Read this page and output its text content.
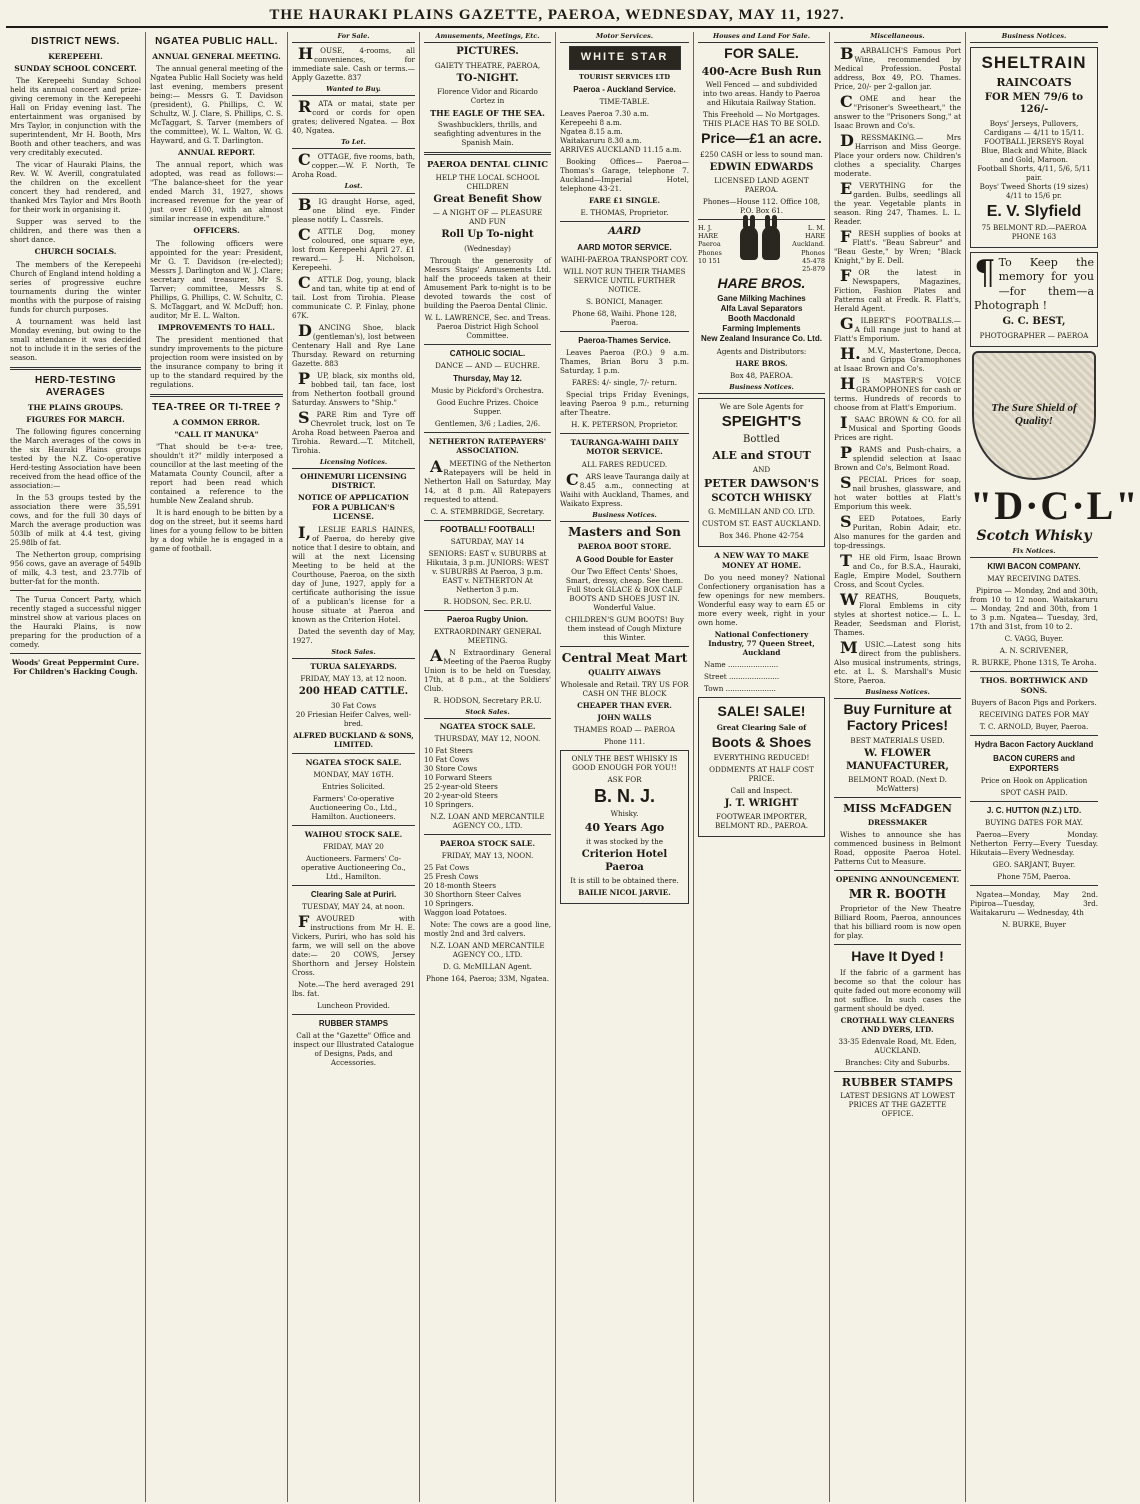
THE HAURAKI PLAINS GAZETTE, PAEROA, WEDNESDAY, MAY 11, 1927.
DISTRICT NEWS.
KEREPEEHI.
SUNDAY SCHOOL CONCERT.

The Kerepeehi Sunday School held its annual concert and prize-giving ceremony in the Kerepeehi Hall on Friday evening last. The entertainment was organised by Mrs Taylor, in conjunction with the superintendent, Mr H. Booth, Mrs Booth and other teachers, and was very creditably executed.

The vicar of Hauraki Plains, the Rev. W. W. Averill, congratulated the children on the excellent concert they had rendered, and thanked Mrs Taylor and Mrs Booth for their work in organising it.

Supper was served to the children, and there was then a short dance.

CHURCH SOCIALS.

The members of the Kerepeehi Church of England intend holding a series of progressive euchre tournaments during the winter months with the purpose of raising funds for church purposes.

A tournament was held last Monday evening, but owing to the small attendance it was decided not to include it in the series of the season.

HERD-TESTING AVERAGES
THE PLAINS GROUPS.
FIGURES FOR MARCH.

The following figures concerning the March averages of the cows in the six Hauraki Plains groups tested by the N.Z. Co-operative Herd-testing Association have been received from the head office of the association:—

In the 53 groups tested by the association there were 35,591 cows, and for the full 30 days of March the average production was 503lb of milk at 4.4 test, giving 25.98lb of fat.

The Netherton group, comprising 956 cows, gave an average of 549lb of milk, 4.3 test, and 23.77lb of butter-fat for the month.

The Turua Concert Party, which recently staged a successful nigger minstrel show at various places on the Hauraki Plains, is now preparing for the production of a comedy.

Woods' Great Peppermint Cure. For Children's Hacking Cough.

NGATEA PUBLIC HALL.
ANNUAL GENERAL MEETING.

The annual general meeting of the Ngatea Public Hall Society was held last evening, members present being:— Messrs G. T. Davidson (president), G. Phillips, C. W. Schultz, W. J. Clare, S. Phillips, C. S. McTaggart, S. Tarver (members of the committee), W. L. Walton, W. G. Hayward, and G. T. Darlington.

ANNUAL REPORT.

The annual report, which was adopted, was read as follows:— "The balance-sheet for the year ended March 31, 1927, shows increased revenue for the year of just over £100, with an almost similar increase in expenditure."

OFFICERS.

The following officers were appointed for the year: President, Mr G. T. Davidson (re-elected); Messrs J. Darlington and W. J. Clare; secretary and treasurer, Mr S. Tarver; committee, Messrs S. Phillips, G. Phillips, C. W. Schultz, C. S. McTaggart, and W. McDuff; hon. auditor, Mr E. L. Walton.

IMPROVEMENTS TO HALL.

The president mentioned that sundry improvements to the picture projection room were insisted on by the insurance company to bring it up to the standard required by the regulations.

TEA-TREE OR TI-TREE ?
A COMMON ERROR.
"CALL IT MANUKA"

"That should be t-e-a- tree, shouldn't it?" mildly interposed a councillor at the last meeting of the Matamata County Council, after a report had been read which contained a reference to the humble New Zealand shrub.

It is hard enough to be bitten by a dog on the street, but it seems hard lines for a young fellow to be bitten by a dog while he is engaged in a game of football.

For Sale.

HOUSE, 4-rooms, all conveniences, for immediate sale. Cash or terms.—Apply Gazette. 837

Wanted to Buy.

RATA or matai, state per cord or cords for open grates; delivered Ngatea. — Box 40, Ngatea.

To Let.

COTTAGE, five rooms, bath, copper.—W. F. North, Te Aroha Road.

Lost.

BIG draught Horse, aged, one blind eye. Finder please notify L. Cassrels.

CATTLE Dog, money coloured, one square eye, lost from Kerepeehi April 27. £1 reward.— J. H. Nicholson, Kerepeehi.

CATTLE Dog, young, black and tan, white tip at end of tail. Lost from Tirohia. Please communicate C. P. Finlay, phone 67K.

DANCING Shoe, black (gentleman's), lost between Centenary Hall and Rye Lane Thursday. Reward on returning Gazette. 883

PUP, black, six months old, bobbed tail, tan face, lost from Netherton football ground Saturday. Answers to "Ship."

SPARE Rim and Tyre off Chevrolet truck, lost on Te Aroha Road between Paeroa and Tirohia. Reward.—T. Mitchell, Tirohia.

Licensing Notices.
OHINEMURI LICENSING DISTRICT.
NOTICE OF APPLICATION FOR A PUBLICAN'S LICENSE.

I,LESLIE EARLS HAINES, of Paeroa, do hereby give notice that I desire to obtain, and will at the next Licensing Meeting to be held at the Courthouse, Paeroa, on the sixth day of June, 1927, apply for a certificate authorising the issue of a publican's license for a house situate at Paeroa and known as the Criterion Hotel.

Dated the seventh day of May, 1927.

Stock Sales.
TURUA SALEYARDS.

FRIDAY, MAY 13, at 12 noon.

200 HEAD CATTLE.

30 Fat Cows
20 Friesian Heifer Calves, well-bred.

ALFRED BUCKLAND & SONS, LIMITED.

NGATEA STOCK SALE.

MONDAY, MAY 16TH.

Entries Solicited.

Farmers' Co-operative Auctioneering Co., Ltd., Hamilton. Auctioneers.

WAIHOU STOCK SALE.

FRIDAY, MAY 20

Auctioneers. Farmers' Co-operative Auctioneering Co., Ltd., Hamilton.

Clearing Sale at Puriri.

TUESDAY, MAY 24, at noon.

FAVOURED with instructions from Mr H. E. Vickers, Puriri, who has sold his farm, we will sell on the above date:— 20 COWS, Jersey Shorthorn and Jersey Holstein Cross.

Note.—The herd averaged 291 lbs. fat.

Luncheon Provided.

RUBBER STAMPS

Call at the "Gazette" Office and inspect our Illustrated Catalogue of Designs, Pads, and Accessories.

Amusements, Meetings, Etc.
PICTURES.

GAIETY THEATRE, PAEROA,

TO-NIGHT.

Florence Vidor and Ricardo Cortez in

THE EAGLE OF THE SEA.

Swashbucklers, thrills, and seafighting adventures in the Spanish Main.

PAEROA DENTAL CLINIC

HELP THE LOCAL SCHOOL CHILDREN

Great Benefit Show

— A NIGHT OF — PLEASURE AND FUN

Roll Up To-night

(Wednesday)

Through the generosity of Messrs Staigs' Amusements Ltd. half the proceeds taken at their Amusement Park to-night is to be devoted towards the cost of building the Paeroa Dental Clinic.

W. L. LAWRENCE, Sec. and Treas. Paeroa District High School Committee.

CATHOLIC SOCIAL.

DANCE — AND — EUCHRE.

Thursday, May 12.

Music by Pickford's Orchestra.

Good Euchre Prizes. Choice Supper.

Gentlemen, 3/6 ; Ladies, 2/6.

NETHERTON RATEPAYERS' ASSOCIATION.

AMEETING of the Netherton Ratepayers will be held in Netherton Hall on Saturday, May 14, at 8 p.m. All Ratepayers requested to attend.

C. A. STEMBRIDGE, Secretary.

FOOTBALL! FOOTBALL!

SATURDAY, MAY 14

SENIORS: EAST v. SUBURBS at Hikutaia, 3 p.m. JUNIORS: WEST v. SUBURBS At Paeroa, 3 p.m. EAST v. NETHERTON At Netherton 3 p.m.

R. HODSON, Sec. P.R.U.

Paeroa Rugby Union.

EXTRAORDINARY GENERAL MEETING.

AN Extraordinary General Meeting of the Paeroa Rugby Union is to be held on Tuesday, 17th, at 8 p.m., at the Soldiers' Club.

R. HODSON, Secretary P.R.U.

Stock Sales.
NGATEA STOCK SALE.

THURSDAY, MAY 12, NOON.

10 Fat Steers
10 Fat Cows
30 Store Cows
10 Forward Steers
25 2-year-old Steers
20 2-year-old Steers
10 Springers.

N.Z. LOAN AND MERCANTILE AGENCY CO., LTD.

PAEROA STOCK SALE.

FRIDAY, MAY 13, NOON.

25 Fat Cows
25 Fresh Cows
20 18-month Steers
30 Shorthorn Steer Calves
10 Springers.
Waggon load Potatoes.

Note: The cows are a good line, mostly 2nd and 3rd calvers.

N.Z. LOAN AND MERCANTILE AGENCY CO., LTD.

D. G. McMILLAN Agent.

Phone 164, Paeroa; 33M, Ngatea.

Motor Services.
WHITE STAR

TOURIST SERVICES LTD

Paeroa - Auckland Service.

TIME-TABLE.

Leaves Paeroa 7.30 a.m.
Kerepeehi 8 a.m.
Ngatea 8.15 a.m.
Waitakaruru 8.30 a.m.
ARRIVES AUCKLAND 11.15 a.m.

Booking Offices— Paeroa—Thomas's Garage, telephone 7. Auckland—Imperial Hotel, telephone 43-21.

FARE £1 SINGLE.

E. THOMAS, Proprietor.

AARD
AARD MOTOR SERVICE.

WAIHI-PAEROA TRANSPORT COY.

WILL NOT RUN THEIR THAMES SERVICE UNTIL FURTHER NOTICE.

S. BONICI, Manager.

Phone 68, Waihi. Phone 128, Paeroa.

Paeroa-Thames Service.

Leaves Paeroa (P.O.) 9 a.m. Thames, Brian Boru 3 p.m. Saturday, 1 p.m.

FARES: 4/- single, 7/- return.

Special trips Friday Evenings, leaving Paeroa 9 p.m., returning after Theatre.

H. K. PETERSON, Proprietor.

TAURANGA-WAIHI DAILY MOTOR SERVICE.

ALL FARES REDUCED.

CARS leave Tauranga daily at 8.45 a.m., connecting at Waihi with Auckland, Thames, and Waikato Express.

Business Notices.
Masters and Son

PAEROA BOOT STORE.

A Good Double for Easter

Our Two Effect Cents' Shoes, Smart, dressy, cheap. See them. Full Stock GLACE & BOX CALF BOOTS AND SHOES JUST IN. Wonderful Value.

CHILDREN'S GUM BOOTS! Buy them instead of Cough Mixture this Winter.

Central Meat Mart

QUALITY ALWAYS

Wholesale and Retail. TRY US FOR CASH ON THE BLOCK

CHEAPER THAN EVER.

JOHN WALLS

THAMES ROAD — PAEROA

Phone 111.

ONLY THE BEST WHISKY IS GOOD ENOUGH FOR YOU!!

ASK FOR

B. N. J.

Whisky.

40 Years Ago

it was stocked by the

Criterion Hotel Paeroa

It is still to be obtained there.

BAILIE NICOL JARVIE.

Houses and Land For Sale.
FOR SALE.
400-Acre Bush Run

Well Fenced — and subdivided into two areas. Handy to Paeroa and Hikutaia Railway Station.

This Freehold — No Mortgages. THIS PLACE HAS TO BE SOLD.

Price—£1 an acre.

£250 CASH or less to sound man.

EDWIN EDWARDS

LICENSED LAND AGENT PAEROA.

Phones—House 112. Office 108, P.O. Box 61.

H. J. HARE Paeroa Phones 10 151
L. M. HARE Auckland. Phones 45-478 25-879
HARE BROS.

Gane Milking Machines
Alfa Laval Separators
Booth Macdonald
Farming Implements
New Zealand Insurance Co. Ltd.

Agents and Distributors:

HARE BROS.

Box 48, PAEROA.

Business Notices.

We are Sole Agents for

SPEIGHT'S

Bottled

ALE and STOUT

AND

PETER DAWSON'S
SCOTCH WHISKY

G. McMILLAN AND CO. LTD.

CUSTOM ST. EAST AUCKLAND.

Box 346. Phone 42-754

A NEW WAY TO MAKE MONEY AT HOME.

Do you need money? National Confectionery organisation has a few openings for new members. Wonderful easy way to earn £5 or more every week, right in your own home.

National Confectionery Industry, 77 Queen Street, Auckland

Name ......................

Street ......................

Town ......................

SALE! SALE!

Great Clearing Sale of

Boots & Shoes

EVERYTHING REDUCED!

ODDMENTS AT HALF COST PRICE.

Call and Inspect.

J. T. WRIGHT

FOOTWEAR IMPORTER, BELMONT RD., PAEROA.

Miscellaneous.

BARBALICH'S Famous Port Wine, recommended by Medical Profession. Postal address, Box 49, P.O. Thames. Price, 20/- per 2-gallon jar.

COME and hear the "Prisoner's Sweetheart," the answer to the "Prisoners Song," at Isaac Brown and Co's.

DRESSMAKING.— Mrs Harrison and Miss George. Place your orders now. Children's clothes a speciality. Charges moderate.

EVERYTHING for the garden. Bulbs, seedlings all the year. Vegetable plants in season. Ring 247, Thames. L. L. Reader.

FRESH supplies of books at Flatt's. "Beau Sabreur" and "Beau Geste," by Wren; "Black Knight," by E. Dell.

FOR the latest in Newspapers, Magazines, Fiction, Fashion Plates and Patterns call at Fredk. R. Flatt's, Herald Agent.

GILBERT'S FOOTBALLS.— A full range just to hand at Flatt's Emporium.

H.M.V., Mastertone, Decca, and Grippa Gramophones at Isaac Brown and Co's.

HIS MASTER'S VOICE GRAMOPHONES for cash or terms. Hundreds of records to choose from at Flatt's Emporium.

ISAAC BROWN & CO. for all Musical and Sporting Goods Prices are right.

PRAMS and Push-chairs, a splendid selection at Isaac Brown and Co's, Belmont Road.

SPECIAL Prices for soap, nail brushes, glassware, and hot water bottles at Flatt's Emporium this week.

SEED Potatoes, Early Puritan, Robin Adair, etc. Also manures for the garden and top-dressings.

THE old Firm, Isaac Brown and Co., for B.S.A., Hauraki, Eagle, Empire Model, Southern Cross, and Scout Cycles.

WREATHS, Bouquets, Floral Emblems in city styles at shortest notice.— L. L. Reader, Seedsman and Florist, Thames.

MUSIC.—Latest song hits direct from the publishers. Also musical instruments, strings, etc. at L. S. Marshall's Music Store, Paeroa.

Business Notices.
Buy Furniture at Factory Prices!

BEST MATERIALS USED.

W. FLOWER MANUFACTURER,

BELMONT ROAD. (Next D. McWatters)

MISS McFADGEN

DRESSMAKER

Wishes to announce she has commenced business in Belmont Road, opposite Paeroa Hotel. Patterns Cut to Measure.

OPENING ANNOUNCEMENT.
MR R. BOOTH

Proprietor of the New Theatre Billiard Room, Paeroa, announces that his billiard room is now open for play.

Have It Dyed !

If the fabric of a garment has become so that the colour has quite faded out more economy will not suffice. In such cases the garment should be dyed.

CROTHALL WAY CLEANERS AND DYERS, LTD.

33-35 Edenvale Road, Mt. Eden, AUCKLAND.

Branches: City and Suburbs.

RUBBER STAMPS

LATEST DESIGNS AT LOWEST PRICES AT THE GAZETTE OFFICE.

Business Notices.
SHELTRAIN
RAINCOATS
FOR MEN 79/6 to 126/-

Boys' Jerseys, Pullovers, Cardigans — 4/11 to 15/11.
FOOTBALL JERSEYS Royal Blue, Black and White, Black and Gold, Maroon.
Football Shorts, 4/11, 5/6, 5/11 pair.
Boys' Tweed Shorts (19 sizes) 4/11 to 15/6 pr.

E. V. Slyfield

75 BELMONT RD.—PAEROA PHONE 163

¶ To Keep the memory for you—for them—a Photograph !

G. C. BEST,

PHOTOGRAPHER — PAEROA

The Sure Shield of Quality!
"D·C·L"
Scotch Whisky
Fix Notices.
KIWI BACON COMPANY.

MAY RECEIVING DATES.

Pipiroa — Monday, 2nd and 30th, from 10 to 12 noon. Waitakaruru — Monday, 2nd and 30th, from 1 to 3 p.m. Ngatea— Tuesday, 3rd, 17th and 31st, from 10 to 2.

C. VAGG, Buyer.

A. N. SCRIVENER,

R. BURKE, Phone 131S, Te Aroha.

THOS. BORTHWICK AND SONS.

Buyers of Bacon Pigs and Porkers.

RECEIVING DATES FOR MAY

T. C. ARNOLD, Buyer, Paeroa.

Hydra Bacon Factory Auckland
BACON CURERS and EXPORTERS

Price on Hook on Application

SPOT CASH PAID.

J. C. HUTTON (N.Z.) LTD.

BUYING DATES FOR MAY.

Paeroa—Every Monday. Netherton Ferry—Every Tuesday. Hikutaia—Every Wednesday.

GEO. SARJANT, Buyer.

Phone 75M, Paeroa.

Ngatea—Monday, May 2nd. Pipiroa—Tuesday, 3rd. Waitakaruru — Wednesday, 4th

N. BURKE, Buyer
